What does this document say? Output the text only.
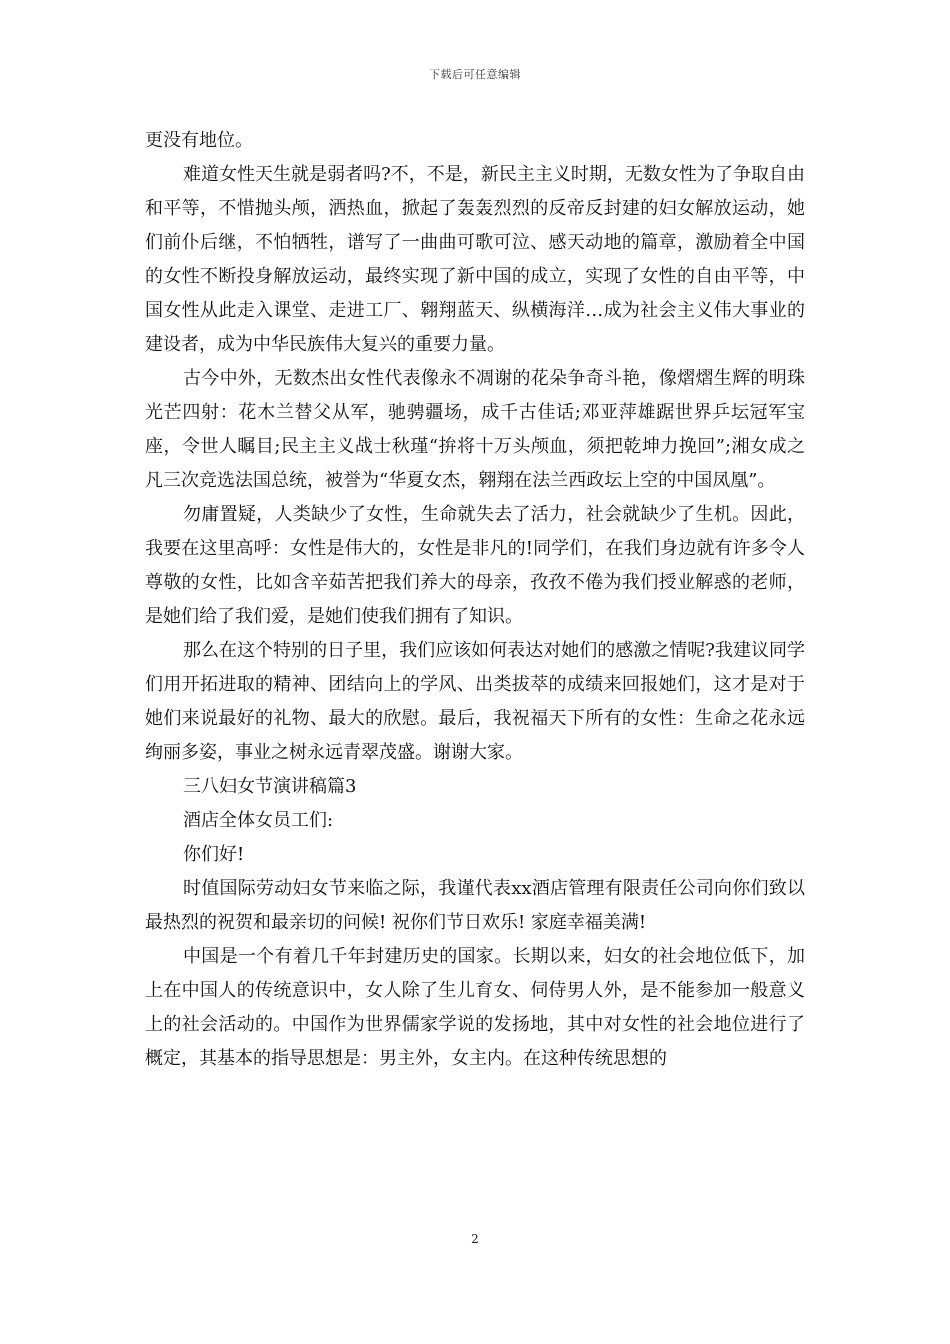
下载后可任意编辑

更没有地位。

难道女性天生就是弱者吗?不，不是，新民主主义时期，无数女性为了争取自由和平等，不惜抛头颅，洒热血，掀起了轰轰烈烈的反帝反封建的妇女解放运动，她们前仆后继，不怕牺牲，谱写了一曲曲可歌可泣、感天动地的篇章，激励着全中国的女性不断投身解放运动，最终实现了新中国的成立，实现了女性的自由平等，中国女性从此走入课堂、走进工厂、翱翔蓝天、纵横海洋…成为社会主义伟大事业的建设者，成为中华民族伟大复兴的重要力量。

古今中外，无数杰出女性代表像永不凋谢的花朵争奇斗艳，像熠熠生辉的明珠光芒四射：花木兰替父从军，驰骋疆场，成千古佳话;邓亚萍雄踞世界乒坛冠军宝座，令世人瞩目;民主主义战士秋瑾“拚将十万头颅血，须把乾坤力挽回”;湘女成之凡三次竞选法国总统，被誉为“华夏女杰，翱翔在法兰西政坛上空的中国凤凰”。

勿庸置疑，人类缺少了女性，生命就失去了活力，社会就缺少了生机。因此，我要在这里高呼：女性是伟大的，女性是非凡的!同学们，在我们身边就有许多令人尊敬的女性，比如含辛茹苦把我们养大的母亲，孜孜不倦为我们授业解惑的老师，是她们给了我们爱，是她们使我们拥有了知识。

那么在这个特别的日子里，我们应该如何表达对她们的感激之情呢?我建议同学们用开拓进取的精神、团结向上的学风、出类拔萃的成绩来回报她们，这才是对于她们来说最好的礼物、最大的欣慰。最后，我祝福天下所有的女性：生命之花永远绚丽多姿，事业之树永远青翠茂盛。谢谢大家。

三八妇女节演讲稿篇3

酒店全体女员工们:

你们好!

时值国际劳动妇女节来临之际，我谨代表xx酒店管理有限责任公司向你们致以最热烈的祝贺和最亲切的问候! 祝你们节日欢乐! 家庭幸福美满!

中国是一个有着几千年封建历史的国家。长期以来，妇女的社会地位低下，加上在中国人的传统意识中，女人除了生儿育女、伺侍男人外，是不能参加一般意义上的社会活动的。中国作为世界儒家学说的发扬地，其中对女性的社会地位进行了概定，其基本的指导思想是：男主外，女主内。在这种传统思想的

2
